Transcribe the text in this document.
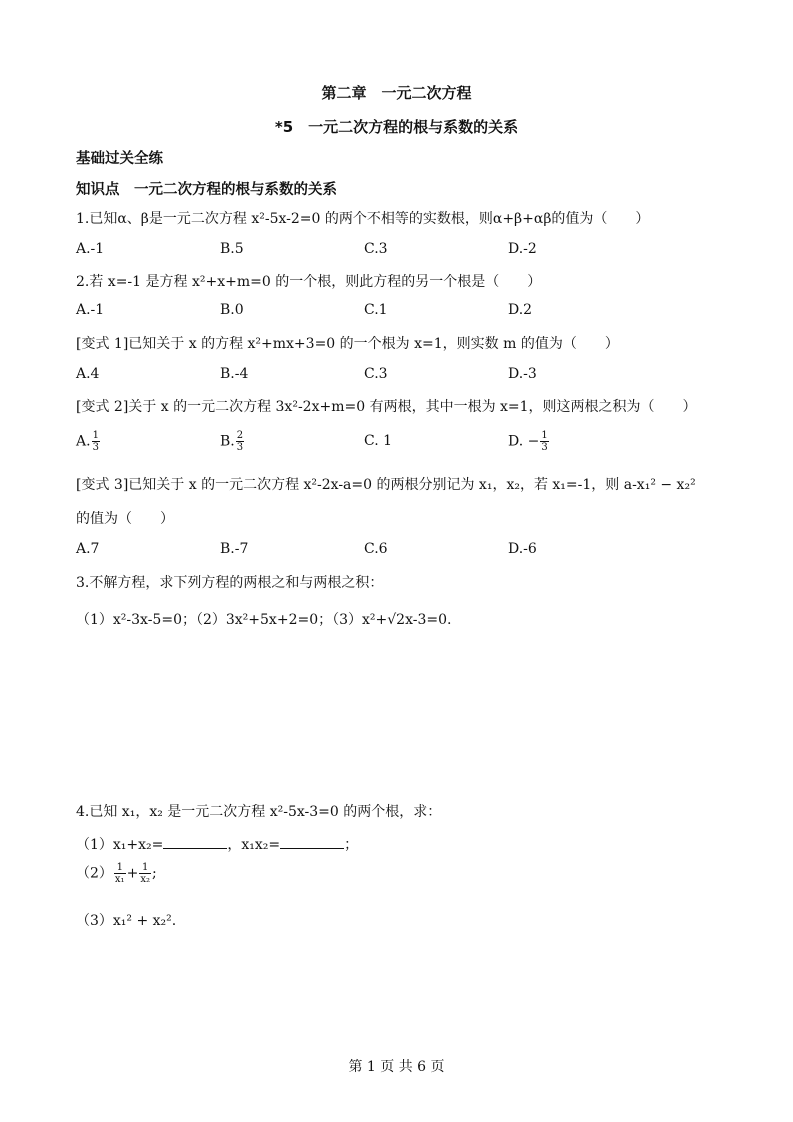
第二章　一元二次方程
*5　一元二次方程的根与系数的关系
基础过关全练
知识点　一元二次方程的根与系数的关系
1.已知α、β是一元二次方程 x²-5x-2=0 的两个不相等的实数根，则α+β+αβ的值为（　　）
A.-1	B.5	C.3	D.-2
2.若 x=-1 是方程 x²+x+m=0 的一个根，则此方程的另一个根是（　　）
A.-1	B.0	C.1	D.2
[变式 1]已知关于 x 的方程 x²+mx+3=0 的一个根为 x=1，则实数 m 的值为（　　）
A.4	B.-4	C.3	D.-3
[变式 2]关于 x 的一元二次方程 3x²-2x+m=0 有两根，其中一根为 x=1，则这两根之积为（　　）
A. $\frac{1}{3}$	B. $\frac{2}{3}$	C. 1	D. − $\frac{1}{3}$
[变式 3]已知关于 x 的一元二次方程 x²-2x-a=0 的两根分别记为 x₁，x₂，若 x₁=-1，则 a-x₁² − x₂²
的值为（　　）
A.7	B.-7	C.6	D.-6
3.不解方程，求下列方程的两根之和与两根之积：
（1）x²-3x-5=0；（2）3x²+5x+2=0；（3）x²+√2x-3=0.
4.已知 x₁，x₂ 是一元二次方程 x²-5x-3=0 的两个根，求：
（1）x₁+x₂=	，x₁x₂=	；
$(2) \frac{1}{\text{x₁}} + \frac{1}{\text{x₂}}$ ;
（3）x₁² + x₂².
第 1 页 共 6 页
